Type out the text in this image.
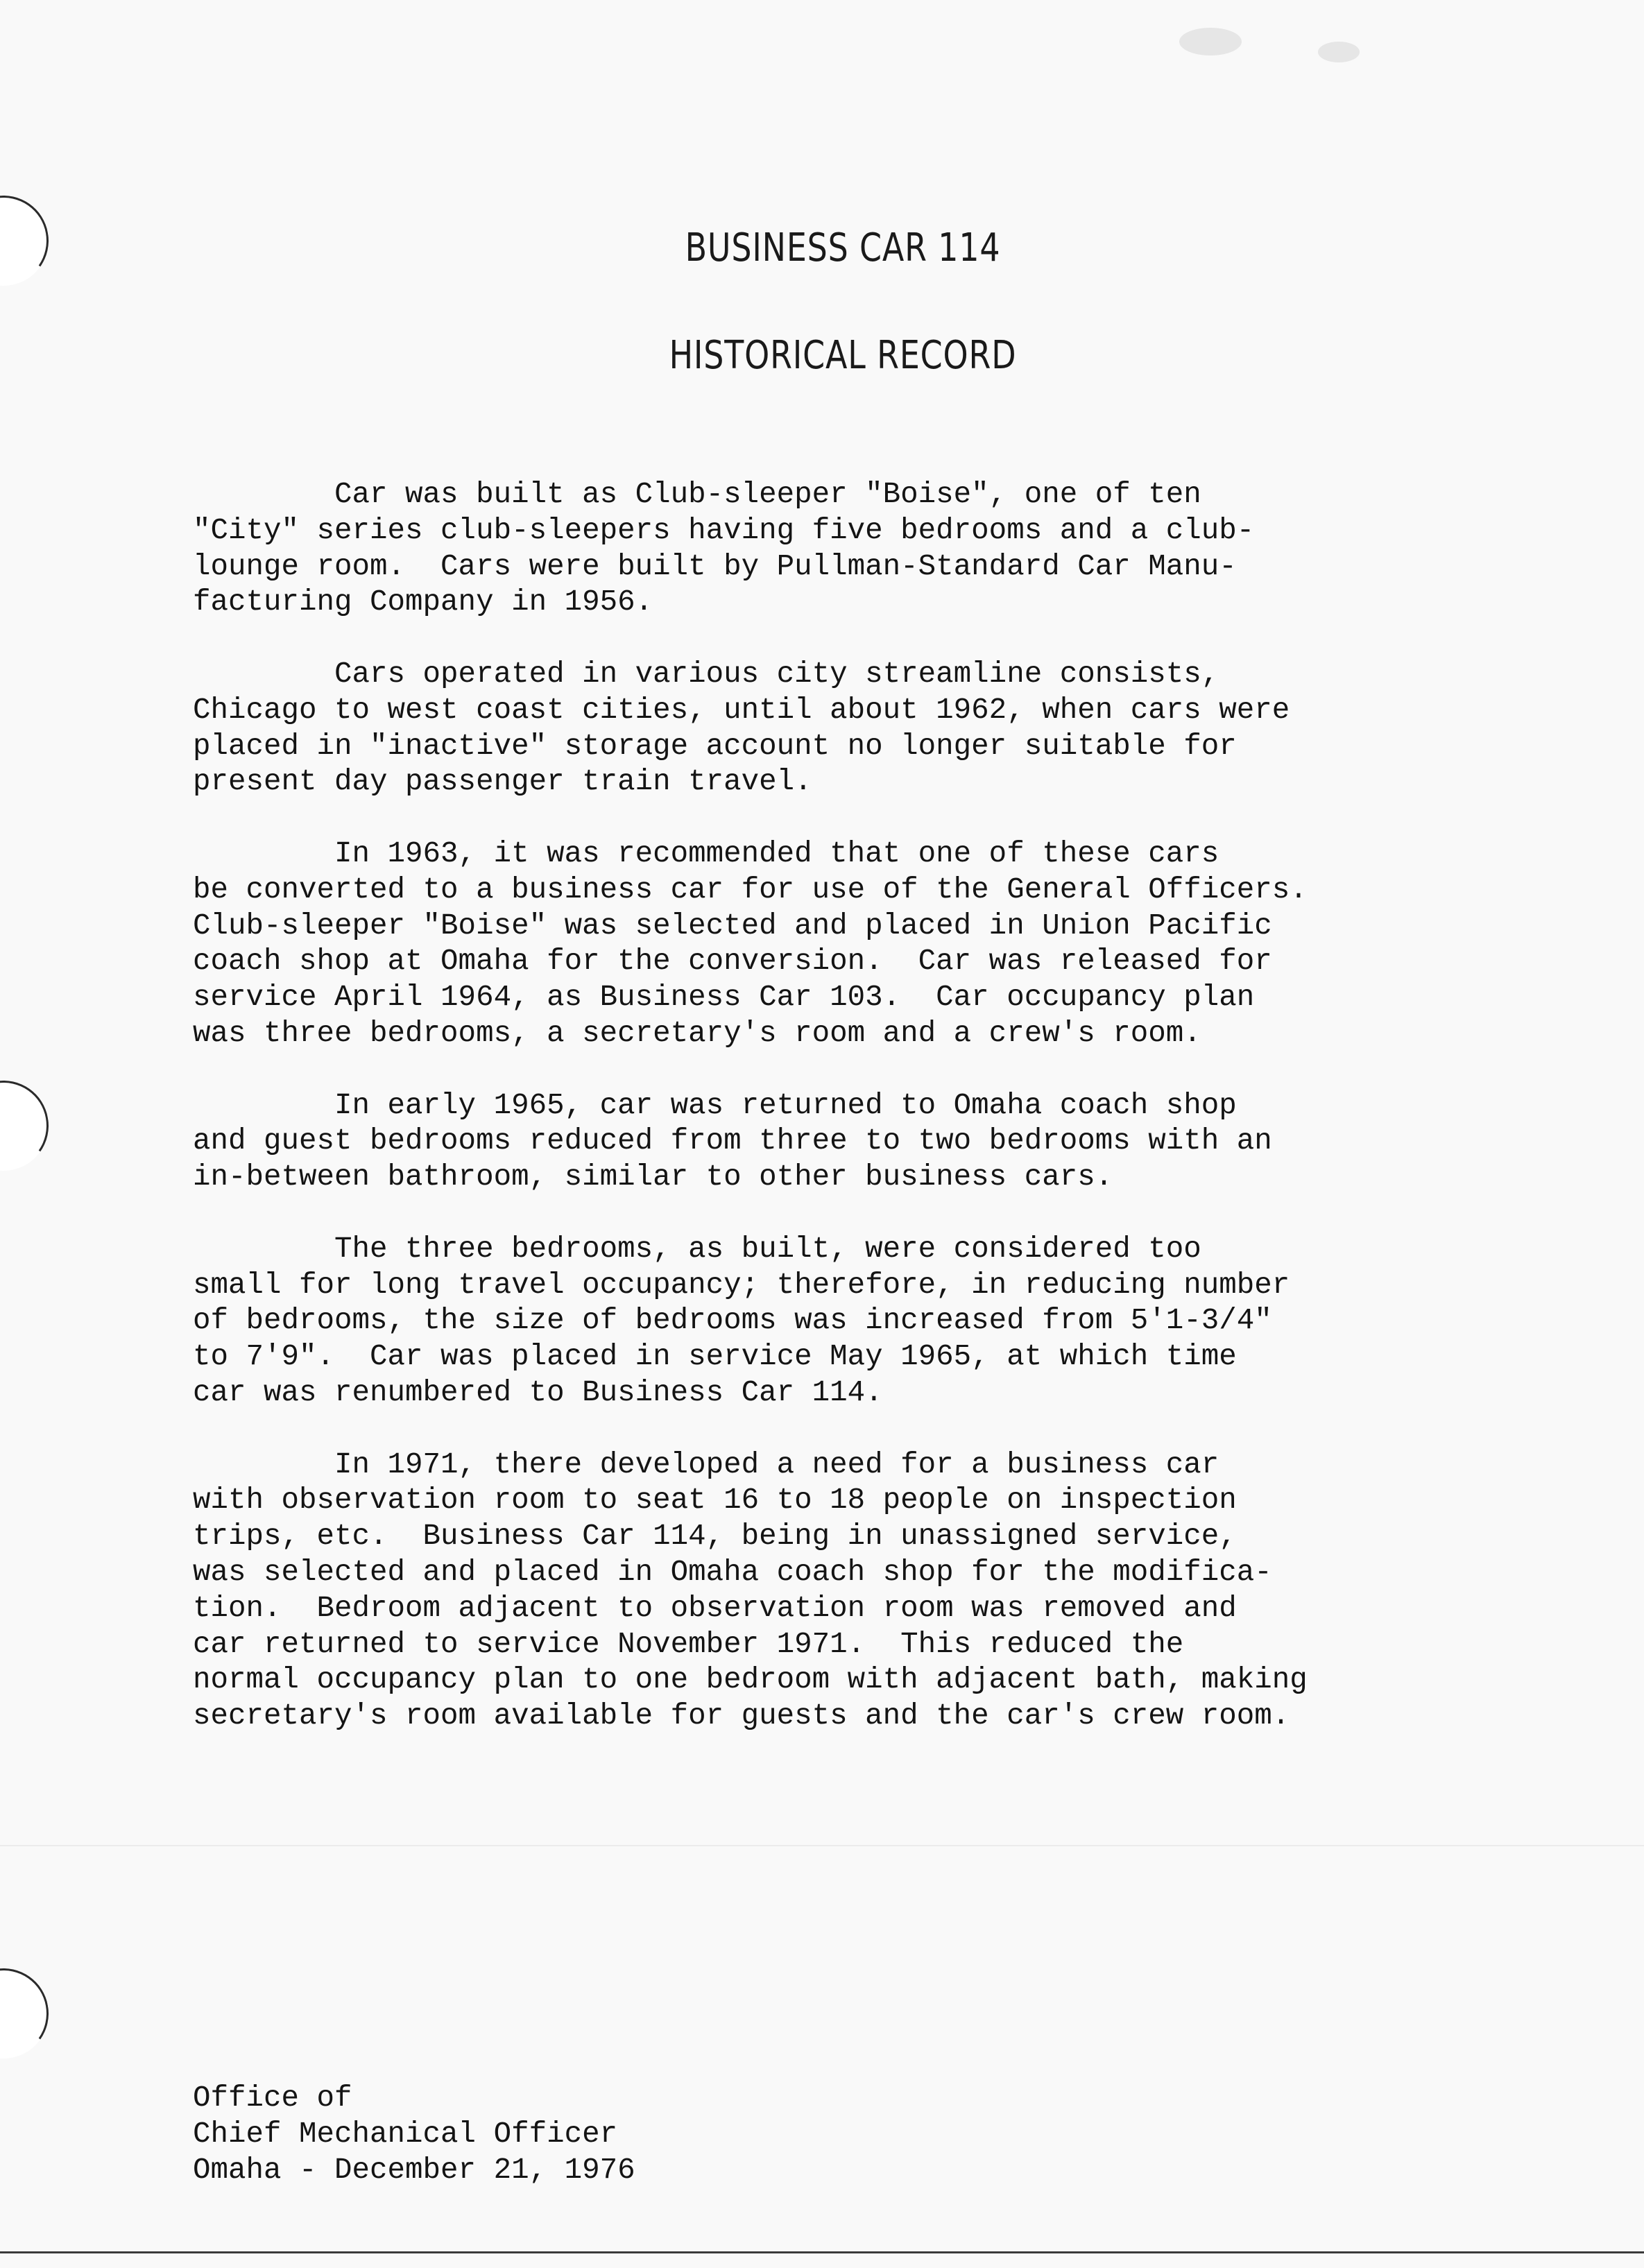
BUSINESS CAR 114
HISTORICAL RECORD

Car was built as Club-sleeper "Boise", one of ten
"City" series club-sleepers having five bedrooms and a club-
lounge room.  Cars were built by Pullman-Standard Car Manu-
facturing Company in 1956.

Cars operated in various city streamline consists,
Chicago to west coast cities, until about 1962, when cars were
placed in "inactive" storage account no longer suitable for
present day passenger train travel.

In 1963, it was recommended that one of these cars
be converted to a business car for use of the General Officers.
Club-sleeper "Boise" was selected and placed in Union Pacific
coach shop at Omaha for the conversion.  Car was released for
service April 1964, as Business Car 103.  Car occupancy plan
was three bedrooms, a secretary's room and a crew's room.

In early 1965, car was returned to Omaha coach shop
and guest bedrooms reduced from three to two bedrooms with an
in-between bathroom, similar to other business cars.

The three bedrooms, as built, were considered too
small for long travel occupancy; therefore, in reducing number
of bedrooms, the size of bedrooms was increased from 5'1-3/4"
to 7'9".  Car was placed in service May 1965, at which time
car was renumbered to Business Car 114.

In 1971, there developed a need for a business car
with observation room to seat 16 to 18 people on inspection
trips, etc.  Business Car 114, being in unassigned service,
was selected and placed in Omaha coach shop for the modifica-
tion.  Bedroom adjacent to observation room was removed and
car returned to service November 1971.  This reduced the
normal occupancy plan to one bedroom with adjacent bath, making
secretary's room available for guests and the car's crew room.

Office of
Chief Mechanical Officer
Omaha - December 21, 1976
